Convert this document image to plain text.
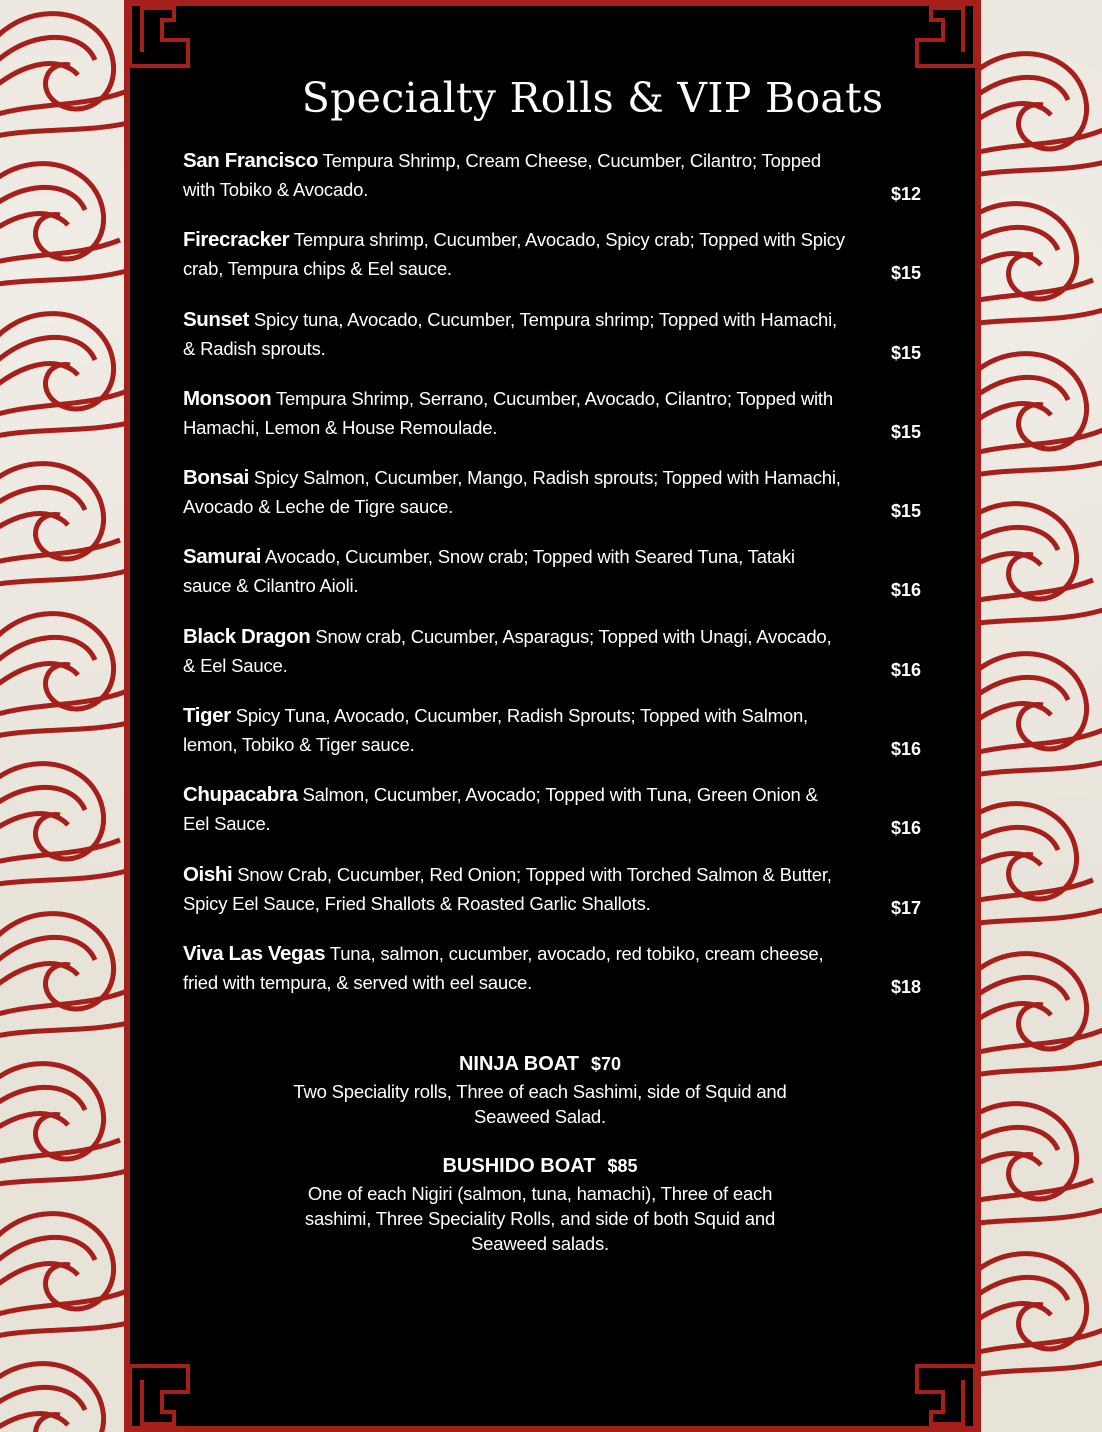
Specialty Rolls & VIP Boats
San Francisco Tempura Shrimp, Cream Cheese, Cucumber, Cilantro; Topped with Tobiko & Avocado.	$12
Firecracker Tempura shrimp, Cucumber, Avocado, Spicy crab; Topped with Spicy crab, Tempura chips & Eel sauce.	$15
Sunset Spicy tuna, Avocado, Cucumber, Tempura shrimp; Topped with Hamachi, & Radish sprouts.	$15
Monsoon Tempura Shrimp, Serrano, Cucumber, Avocado, Cilantro; Topped with Hamachi, Lemon & House Remoulade.	$15
Bonsai Spicy Salmon, Cucumber, Mango, Radish sprouts; Topped with Hamachi, Avocado & Leche de Tigre sauce.	$15
Samurai Avocado, Cucumber, Snow crab; Topped with Seared Tuna, Tataki sauce & Cilantro Aioli.	$16
Black Dragon Snow crab, Cucumber, Asparagus; Topped with Unagi, Avocado, & Eel Sauce.	$16
Tiger Spicy Tuna, Avocado, Cucumber, Radish Sprouts; Topped with Salmon, lemon, Tobiko & Tiger sauce.	$16
Chupacabra Salmon, Cucumber, Avocado; Topped with Tuna, Green Onion & Eel Sauce.	$16
Oishi Snow Crab, Cucumber, Red Onion; Topped with Torched Salmon & Butter, Spicy Eel Sauce, Fried Shallots & Roasted Garlic Shallots.	$17
Viva Las Vegas Tuna, salmon, cucumber, avocado, red tobiko, cream cheese, fried with tempura, & served with eel sauce.	$18
NINJA BOAT $70
Two Speciality rolls, Three of each Sashimi, side of Squid and Seaweed Salad.
BUSHIDO BOAT $85
One of each Nigiri (salmon, tuna, hamachi), Three of each sashimi, Three Speciality Rolls, and side of both Squid and Seaweed salads.
